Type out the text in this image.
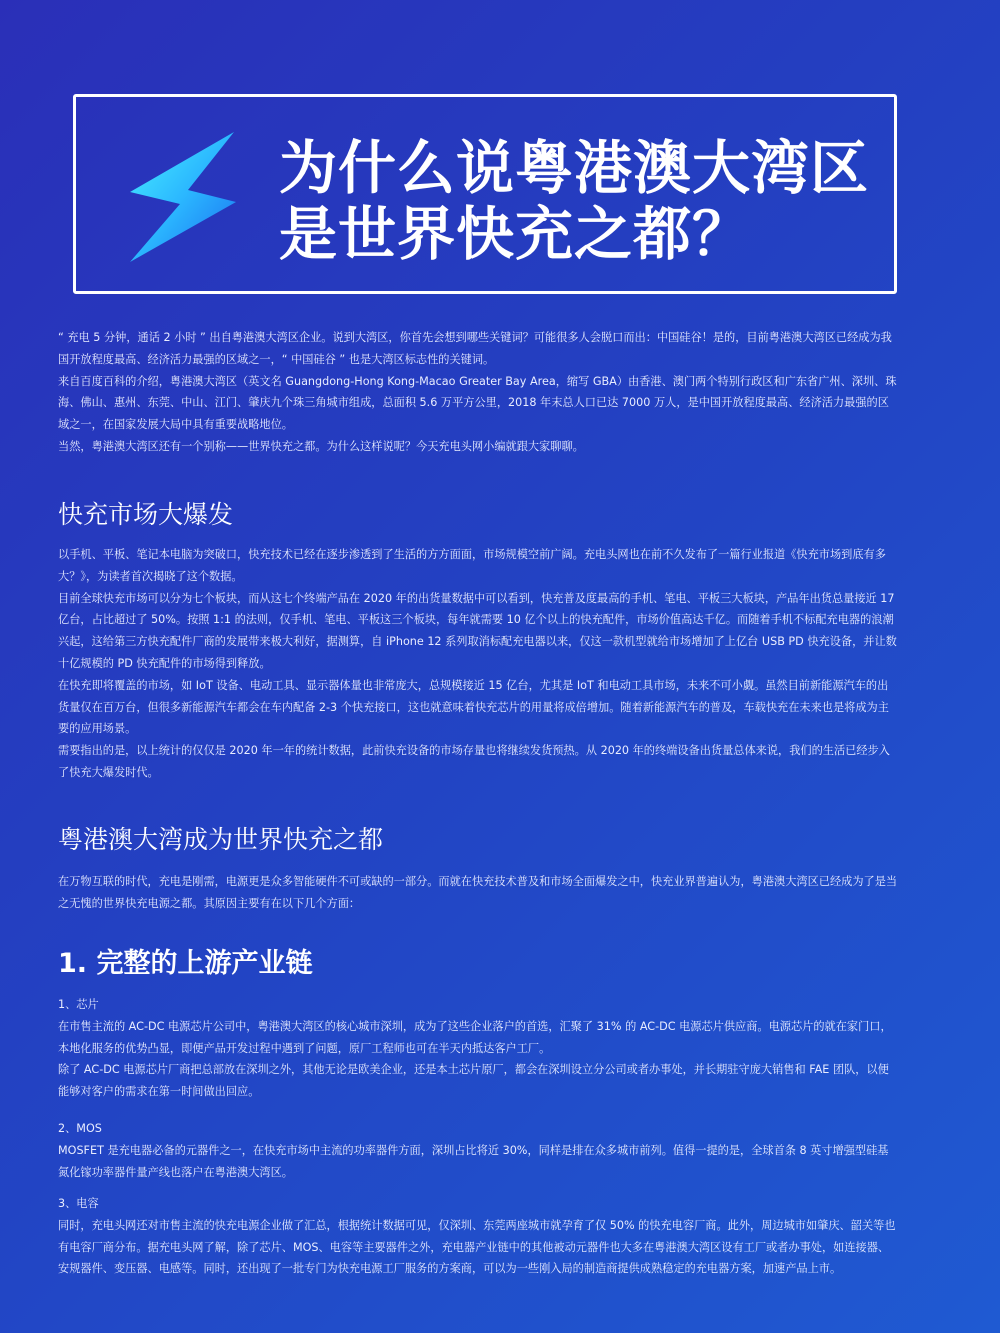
为什么说粤港澳大湾区
是世界快充之都？

“ 充电 5 分钟，通话 2 小时 ” 出自粤港澳大湾区企业。说到大湾区，你首先会想到哪些关键词？可能很多人会脱口而出：中国硅谷！是的，目前粤港澳大湾区已经成为我国开放程度最高、经济活力最强的区域之一，“ 中国硅谷 ” 也是大湾区标志性的关键词。

来自百度百科的介绍，粤港澳大湾区（英文名 Guangdong-Hong Kong-Macao Greater Bay Area，缩写 GBA）由香港、澳门两个特别行政区和广东省广州、深圳、珠海、佛山、惠州、东莞、中山、江门、肇庆九个珠三角城市组成，总面积 5.6 万平方公里，2018 年末总人口已达 7000 万人，是中国开放程度最高、经济活力最强的区域之一，在国家发展大局中具有重要战略地位。

当然，粤港澳大湾区还有一个别称——世界快充之都。为什么这样说呢？今天充电头网小编就跟大家聊聊。

快充市场大爆发

以手机、平板、笔记本电脑为突破口，快充技术已经在逐步渗透到了生活的方方面面，市场规模空前广阔。充电头网也在前不久发布了一篇行业报道《快充市场到底有多大？》，为读者首次揭晓了这个数据。

目前全球快充市场可以分为七个板块，而从这七个终端产品在 2020 年的出货量数据中可以看到，快充普及度最高的手机、笔电、平板三大板块，产品年出货总量接近 17 亿台，占比超过了 50%。按照 1:1 的法则，仅手机、笔电、平板这三个板块，每年就需要 10 亿个以上的快充配件，市场价值高达千亿。而随着手机不标配充电器的浪潮兴起，这给第三方快充配件厂商的发展带来极大利好，据测算，自 iPhone 12 系列取消标配充电器以来，仅这一款机型就给市场增加了上亿台 USB PD 快充设备，并让数十亿规模的 PD 快充配件的市场得到释放。

在快充即将覆盖的市场，如 IoT 设备、电动工具、显示器体量也非常庞大，总规模接近 15 亿台，尤其是 IoT 和电动工具市场，未来不可小觑。虽然目前新能源汽车的出货量仅在百万台，但很多新能源汽车都会在车内配备 2-3 个快充接口，这也就意味着快充芯片的用量将成倍增加。随着新能源汽车的普及，车载快充在未来也是将成为主要的应用场景。

需要指出的是，以上统计的仅仅是 2020 年一年的统计数据，此前快充设备的市场存量也将继续发货预热。从 2020 年的终端设备出货量总体来说，我们的生活已经步入了快充大爆发时代。

粤港澳大湾成为世界快充之都

在万物互联的时代，充电是刚需，电源更是众多智能硬件不可或缺的一部分。而就在快充技术普及和市场全面爆发之中，快充业界普遍认为，粤港澳大湾区已经成为了是当之无愧的世界快充电源之都。其原因主要有在以下几个方面：

1. 完整的上游产业链

1、芯片

在市售主流的 AC-DC 电源芯片公司中，粤港澳大湾区的核心城市深圳，成为了这些企业落户的首选，汇聚了 31% 的 AC-DC 电源芯片供应商。电源芯片的就在家门口，本地化服务的优势凸显，即便产品开发过程中遇到了问题，原厂工程师也可在半天内抵达客户工厂。

除了 AC-DC 电源芯片厂商把总部放在深圳之外，其他无论是欧美企业，还是本土芯片原厂，都会在深圳设立分公司或者办事处，并长期驻守庞大销售和 FAE 团队，以便能够对客户的需求在第一时间做出回应。

2、MOS

MOSFET 是充电器必备的元器件之一，在快充市场中主流的功率器件方面，深圳占比将近 30%，同样是排在众多城市前列。值得一提的是，全球首条 8 英寸增强型硅基氮化镓功率器件量产线也落户在粤港澳大湾区。

3、电容

同时，充电头网还对市售主流的快充电源企业做了汇总，根据统计数据可见，仅深圳、东莞两座城市就孕育了仅 50% 的快充电容厂商。此外，周边城市如肇庆、韶关等也有电容厂商分布。据充电头网了解，除了芯片、MOS、电容等主要器件之外，充电器产业链中的其他被动元器件也大多在粤港澳大湾区设有工厂或者办事处，如连接器、安规器件、变压器、电感等。同时，还出现了一批专门为快充电源工厂服务的方案商，可以为一些刚入局的制造商提供成熟稳定的充电器方案，加速产品上市。
